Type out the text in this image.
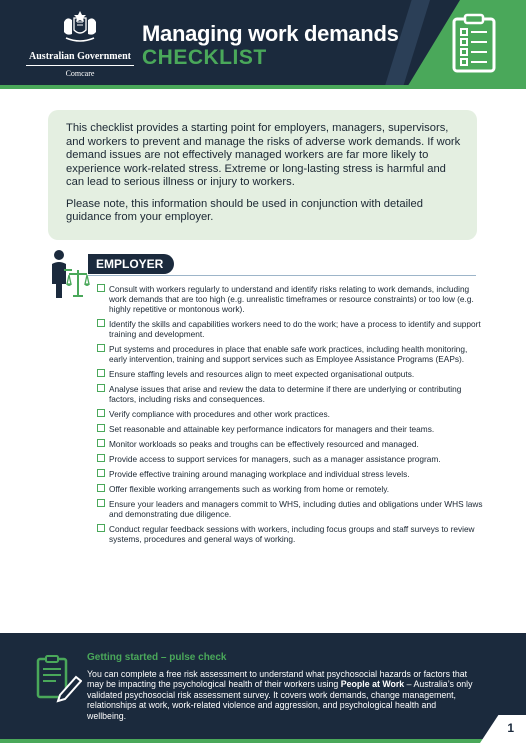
Australian Government
Comcare
Managing work demands
CHECKLIST

This checklist provides a starting point for employers, managers, supervisors, and workers to prevent and manage the risks of adverse work demands. If work demand issues are not effectively managed workers are far more likely to experience work-related stress. Extreme or long-lasting stress is harmful and can lead to serious illness or injury to workers.

Please note, this information should be used in conjunction with detailed guidance from your employer.

EMPLOYER
Consult with workers regularly to understand and identify risks relating to work demands, including work demands that are too high (e.g. unrealistic timeframes or resource constraints) or too low (e.g. highly repetitive or montonous work).
Identify the skills and capabilities workers need to do the work; have a process to identify and support training and development.
Put systems and procedures in place that enable safe work practices, including health monitoring, early intervention, training and support services such as Employee Assistance Programs (EAPs).
Ensure staffing levels and resources align to meet expected organisational outputs.
Analyse issues that arise and review the data to determine if there are underlying or contributing factors, including risks and consequences.
Verify compliance with procedures and other work practices.
Set reasonable and attainable key performance indicators for managers and their teams.
Monitor workloads so peaks and troughs can be effectively resourced and managed.
Provide access to support services for managers, such as a manager assistance program.
Provide effective training around managing workplace and individual stress levels.
Offer flexible working arrangements such as working from home or remotely.
Ensure your leaders and managers commit to WHS, including duties and obligations under WHS laws and demonstrating due diligence.
Conduct regular feedback sessions with workers, including focus groups and staff surveys to review systems, procedures and general ways of working.
Getting started – pulse check
You can complete a free risk assessment to understand what psychosocial hazards or factors that may be impacting the psychological health of their workers using People at Work – Australia’s only validated psychosocial risk assessment survey. It covers work demands, change management, relationships at work, work-related violence and aggression, and psychological health and wellbeing.
1
